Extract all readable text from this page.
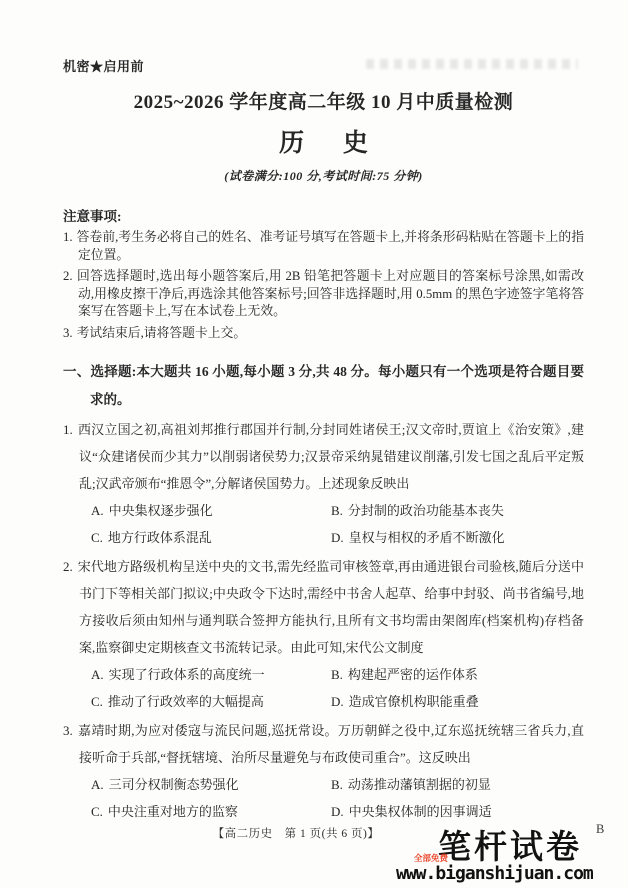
机密★启用前
2025~2026 学年度高二年级 10 月中质量检测
历史
(试卷满分:100 分,考试时间:75 分钟)
注意事项:
1. 答卷前,考生务必将自己的姓名、准考证号填写在答题卡上,并将条形码粘贴在答题卡上的指定位置。
2. 回答选择题时,选出每小题答案后,用 2B 铅笔把答题卡上对应题目的答案标号涂黑,如需改动,用橡皮擦干净后,再选涂其他答案标号;回答非选择题时,用 0.5mm 的黑色字迹签字笔将答案写在答题卡上,写在本试卷上无效。
3. 考试结束后,请将答题卡上交。
一、选择题:本大题共 16 小题,每小题 3 分,共 48 分。每小题只有一个选项是符合题目要求的。
1. 西汉立国之初,高祖刘邦推行郡国并行制,分封同姓诸侯王;汉文帝时,贾谊上《治安策》,建议“众建诸侯而少其力”以削弱诸侯势力;汉景帝采纳晁错建议削藩,引发七国之乱后平定叛乱;汉武帝颁布“推恩令”,分解诸侯国势力。上述现象反映出
A. 中央集权逐步强化	B. 分封制的政治功能基本丧失
C. 地方行政体系混乱	D. 皇权与相权的矛盾不断激化
2. 宋代地方路级机构呈送中央的文书,需先经监司审核签章,再由通进银台司验核,随后分送中书门下等相关部门拟议;中央政令下达时,需经中书舍人起草、给事中封驳、尚书省编号,地方接收后须由知州与通判联合签押方能执行,且所有文书均需由架阁库(档案机构)存档备案,监察御史定期核查文书流转记录。由此可知,宋代公文制度
A. 实现了行政体系的高度统一	B. 构建起严密的运作体系
C. 推动了行政效率的大幅提高	D. 造成官僚机构职能重叠
3. 嘉靖时期,为应对倭寇与流民问题,巡抚常设。万历朝鲜之役中,辽东巡抚统辖三省兵力,直接听命于兵部,“督抚辖境、治所尽量避免与布政使司重合”。这反映出
A. 三司分权制衡态势强化	B. 动荡推动藩镇割据的初显
C. 中央注重对地方的监察	D. 中央集权体制的因事调适
【高二历史　第 1 页(共 6 页)】	B
笔杆试卷
全部免费
www.biganshijuan.com
